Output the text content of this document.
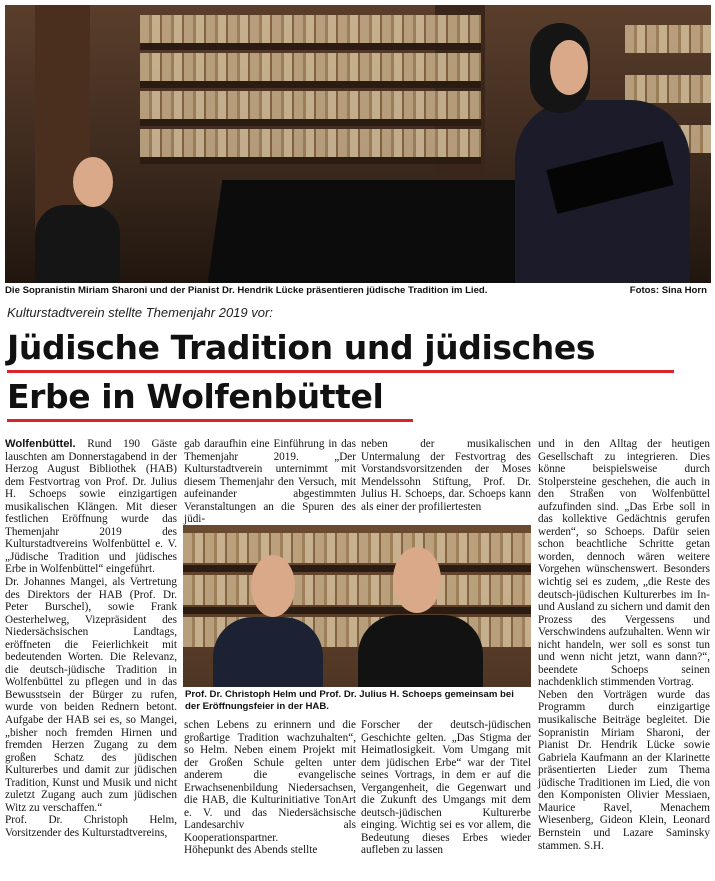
Die Sopranistin Miriam Sharoni und der Pianist Dr. Hendrik Lücke präsentieren jüdische Tradition im Lied.	Fotos: Sina Horn
Kulturstadtverein stellte Themenjahr 2019 vor:
Jüdische Tradition und jüdisches
Erbe in Wolfenbüttel

Wolfenbüttel. Rund 190 Gäste lauschten am Donnerstagabend in der Herzog August Bibliothek (HAB) dem Festvortrag von Prof. Dr. Julius H. Schoeps sowie einzigartigen musikalischen Klängen. Mit dieser festlichen Eröffnung wurde das Themenjahr 2019 des Kulturstadtvereins Wolfenbüttel e. V. „Jüdische Tradition und jüdisches Erbe in Wolfenbüttel“ eingeführt.

Dr. Johannes Mangei, als Vertretung des Direktors der HAB (Prof. Dr. Peter Burschel), sowie Frank Oesterhelweg, Vizepräsident des Niedersächsischen Landtags, eröffneten die Feierlichkeit mit bedeutenden Worten. Die Relevanz, die deutsch-jüdische Tradition in Wolfenbüttel zu pflegen und in das Bewusstsein der Bürger zu rufen, wurde von beiden Rednern betont. Aufgabe der HAB sei es, so Mangei, „bisher noch fremden Hirnen und fremden Herzen Zugang zu dem großen Schatz des jüdischen Kulturerbes und damit zur jüdischen Tradition, Kunst und Musik und nicht zuletzt Zugang auch zum jüdischen Witz zu verschaffen.“

Prof. Dr. Christoph Helm, Vorsitzender des Kulturstadtvereins,

gab daraufhin eine Einführung in das Themenjahr 2019. „Der Kulturstadtverein unternimmt mit diesem Themenjahr den Versuch, mit aufeinander abgestimmten Veranstaltungen an die Spuren des jüdi-

neben der musikalischen Untermalung der Festvortrag des Vorstandsvorsitzenden der Moses Mendelssohn Stiftung, Prof. Dr. Julius H. Schoeps, dar. Schoeps kann als einer der profiliertesten

Prof. Dr. Christoph Helm und Prof. Dr. Julius H. Schoeps gemeinsam bei der Eröffnungsfeier in der HAB.

schen Lebens zu erinnern und die großartige Tradition wachzuhalten“, so Helm. Neben einem Projekt mit der Großen Schule gelten unter anderem die evangelische Erwachsenenbildung Niedersachsen, die HAB, die Kulturinitiative TonArt e. V. und das Niedersächsische Landesarchiv als Kooperationspartner.

Höhepunkt des Abends stellte

Forscher der deutsch-jüdischen Geschichte gelten. „Das Stigma der Heimatlosigkeit. Vom Umgang mit dem jüdischen Erbe“ war der Titel seines Vortrags, in dem er auf die Vergangenheit, die Gegenwart und die Zukunft des Umgangs mit dem deutsch-jüdischen Kulturerbe einging. Wichtig sei es vor allem, die Bedeutung dieses Erbes wieder aufleben zu lassen

und in den Alltag der heutigen Gesellschaft zu integrieren. Dies könne beispielsweise durch Stolpersteine geschehen, die auch in den Straßen von Wolfenbüttel aufzufinden sind. „Das Erbe soll in das kollektive Gedächtnis gerufen werden“, so Schoeps. Dafür seien schon beachtliche Schritte getan worden, dennoch wären weitere Vorgehen wünschenswert. Besonders wichtig sei es zudem, „die Reste des deutsch-jüdischen Kulturerbes im In- und Ausland zu sichern und damit den Prozess des Vergessens und Verschwindens aufzuhalten. Wenn wir nicht handeln, wer soll es sonst tun und wenn nicht jetzt, wann dann?“, beendete Schoeps seinen nachdenklich stimmenden Vortrag.

Neben den Vorträgen wurde das Programm durch einzigartige musikalische Beiträge begleitet. Die Sopranistin Miriam Sharoni, der Pianist Dr. Hendrik Lücke sowie Gabriela Kaufmann an der Klarinette präsentierten Lieder zum Thema jüdische Traditionen im Lied, die von den Komponisten Olivier Messiaen, Maurice Ravel, Menachem Wiesenberg, Gideon Klein, Leonard Bernstein und Lazare Saminsky stammen. S.H.
